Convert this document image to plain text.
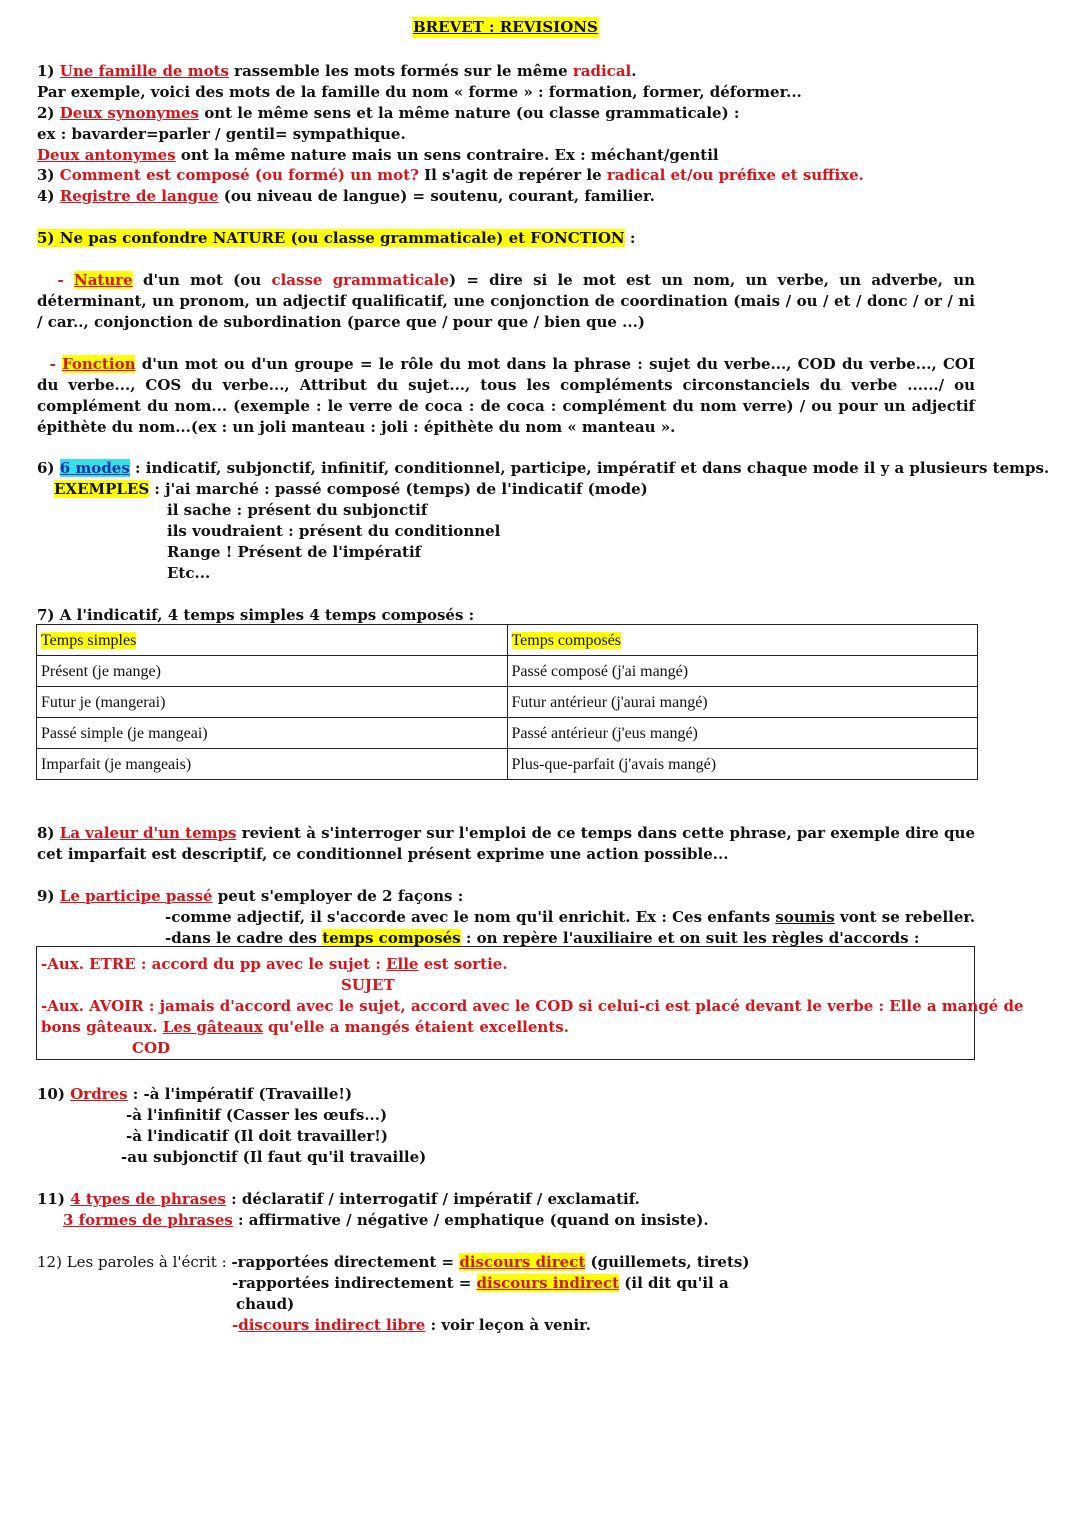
BREVET : REVISIONS
1) Une famille de mots rassemble les mots formés sur le même radical.
Par exemple, voici des mots de la famille du nom « forme » : formation, former, déformer...
2) Deux synonymes ont le même sens et la même nature (ou classe grammaticale) :
ex : bavarder=parler / gentil= sympathique.
Deux antonymes ont la même nature mais un sens contraire. Ex : méchant/gentil
3) Comment est composé (ou formé) un mot? Il s'agit de repérer le radical et/ou préfixe et suffixe.
4) Registre de langue (ou niveau de langue) = soutenu, courant, familier.
5) Ne pas confondre NATURE (ou classe grammaticale) et FONCTION :
- Nature d'un mot (ou classe grammaticale) = dire si le mot est un nom, un verbe, un adverbe, un déterminant, un pronom, un adjectif qualificatif, une conjonction de coordination (mais / ou / et / donc / or / ni / car.., conjonction de subordination (parce que / pour que / bien que ...)
- Fonction d'un mot ou d'un groupe = le rôle du mot dans la phrase : sujet du verbe..., COD du verbe..., COI du verbe..., COS du verbe..., Attribut du sujet..., tous les compléments circonstanciels du verbe ....../ ou complément du nom... (exemple : le verre de coca : de coca : complément du nom verre) / ou pour un adjectif épithète du nom...(ex : un joli manteau : joli : épithète du nom « manteau ».
6) 6 modes : indicatif, subjonctif, infinitif, conditionnel, participe, impératif et dans chaque mode il y a plusieurs temps.
EXEMPLES : j'ai marché : passé composé (temps) de l'indicatif (mode)
il sache : présent du subjonctif
ils voudraient : présent du conditionnel
Range ! Présent de l'impératif
Etc...
7) A l'indicatif, 4 temps simples 4 temps composés :
Temps simples	Temps composés
Présent (je mange)	Passé composé (j'ai mangé)
Futur je (mangerai)	Futur antérieur (j'aurai mangé)
Passé simple (je mangeai)	Passé antérieur (j'eus mangé)
Imparfait (je mangeais)	Plus-que-parfait (j'avais mangé)
8) La valeur d'un temps revient à s'interroger sur l'emploi de ce temps dans cette phrase, par exemple dire que cet imparfait est descriptif, ce conditionnel présent exprime une action possible...
9) Le participe passé peut s'employer de 2 façons :
-comme adjectif, il s'accorde avec le nom qu'il enrichit. Ex : Ces enfants soumis vont se rebeller.
-dans le cadre des temps composés : on repère l'auxiliaire et on suit les règles d'accords :
-Aux. ETRE : accord du pp avec le sujet : Elle est sortie.
SUJET
-Aux. AVOIR : jamais d'accord avec le sujet, accord avec le COD si celui-ci est placé devant le verbe : Elle a mangé de
bons gâteaux. Les gâteaux qu'elle a mangés étaient excellents.
COD
10) Ordres : -à l'impératif (Travaille!)
-à l'infinitif (Casser les œufs...)
-à l'indicatif (Il doit travailler!)
-au subjonctif (Il faut qu'il travaille)
11) 4 types de phrases : déclaratif / interrogatif / impératif / exclamatif.
3 formes de phrases : affirmative / négative / emphatique (quand on insiste).
12) Les paroles à l'écrit : -rapportées directement = discours direct (guillemets, tirets)
-rapportées indirectement = discours indirect (il dit qu'il a
chaud)
-discours indirect libre : voir leçon à venir.
